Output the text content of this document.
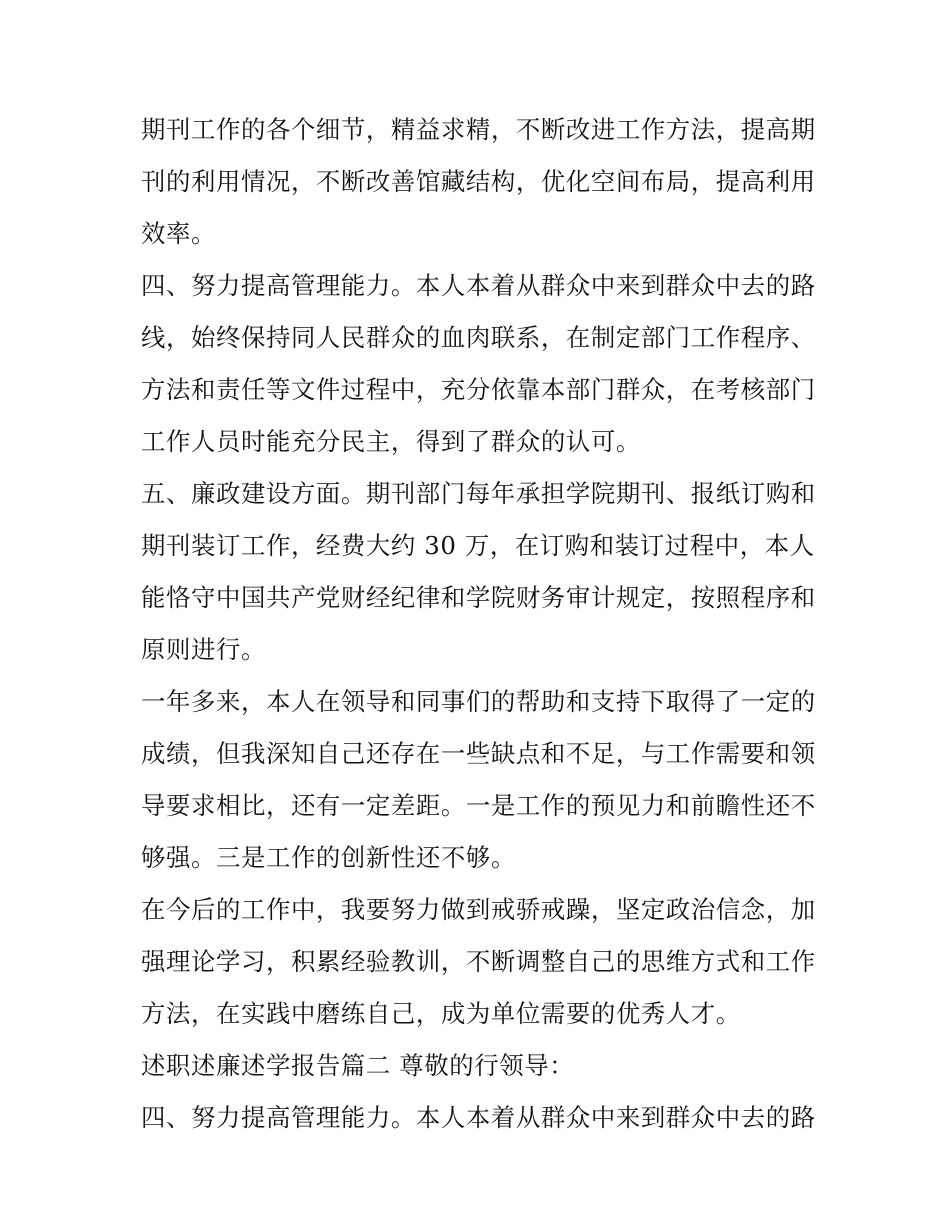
期刊工作的各个细节，精益求精，不断改进工作方法，提高期
刊的利用情况，不断改善馆藏结构，优化空间布局，提高利用
效率。
四、努力提高管理能力。本人本着从群众中来到群众中去的路
线，始终保持同人民群众的血肉联系，在制定部门工作程序、
方法和责任等文件过程中，充分依靠本部门群众，在考核部门
工作人员时能充分民主，得到了群众的认可。
五、廉政建设方面。期刊部门每年承担学院期刊、报纸订购和
期刊装订工作，经费大约 30 万，在订购和装订过程中，本人
能恪守中国共产党财经纪律和学院财务审计规定，按照程序和
原则进行。
一年多来，本人在领导和同事们的帮助和支持下取得了一定的
成绩，但我深知自己还存在一些缺点和不足，与工作需要和领
导要求相比，还有一定差距。一是工作的预见力和前瞻性还不
够强。三是工作的创新性还不够。
在今后的工作中，我要努力做到戒骄戒躁，坚定政治信念，加
强理论学习，积累经验教训，不断调整自己的思维方式和工作
方法，在实践中磨练自己，成为单位需要的优秀人才。
述职述廉述学报告篇二 尊敬的行领导：
四、努力提高管理能力。本人本着从群众中来到群众中去的路
